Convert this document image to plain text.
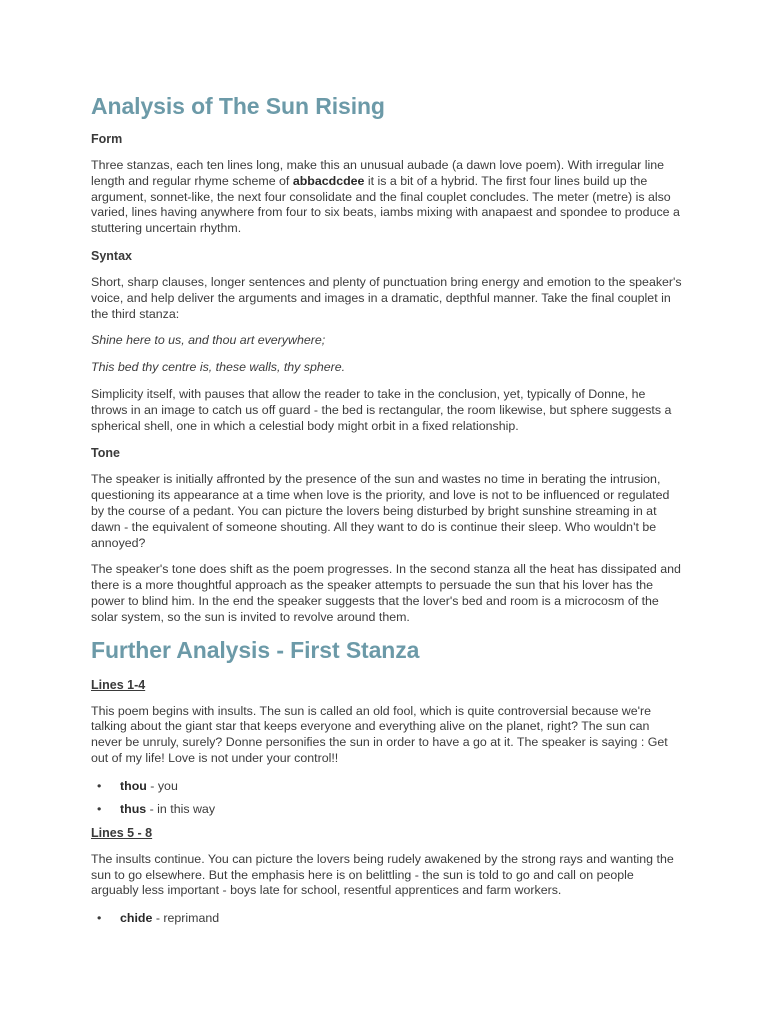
Analysis of The Sun Rising
Form

Three stanzas, each ten lines long, make this an unusual aubade (a dawn love poem). With irregular line length and regular rhyme scheme of abbacdcdee it is a bit of a hybrid. The first four lines build up the argument, sonnet-like, the next four consolidate and the final couplet concludes. The meter (metre) is also varied, lines having anywhere from four to six beats, iambs mixing with anapaest and spondee to produce a stuttering uncertain rhythm.

Syntax

Short, sharp clauses, longer sentences and plenty of punctuation bring energy and emotion to the speaker's voice, and help deliver the arguments and images in a dramatic, depthful manner. Take the final couplet in the third stanza:

Shine here to us, and thou art everywhere;

This bed thy centre is, these walls, thy sphere.

Simplicity itself, with pauses that allow the reader to take in the conclusion, yet, typically of Donne, he throws in an image to catch us off guard - the bed is rectangular, the room likewise, but sphere suggests a spherical shell, one in which a celestial body might orbit in a fixed relationship.

Tone

The speaker is initially affronted by the presence of the sun and wastes no time in berating the intrusion, questioning its appearance at a time when love is the priority, and love is not to be influenced or regulated by the course of a pedant. You can picture the lovers being disturbed by bright sunshine streaming in at dawn - the equivalent of someone shouting. All they want to do is continue their sleep. Who wouldn't be annoyed?

The speaker's tone does shift as the poem progresses. In the second stanza all the heat has dissipated and there is a more thoughtful approach as the speaker attempts to persuade the sun that his lover has the power to blind him. In the end the speaker suggests that the lover's bed and room is a microcosm of the solar system, so the sun is invited to revolve around them.

Further Analysis - First Stanza
Lines 1-4

This poem begins with insults. The sun is called an old fool, which is quite controversial because we're talking about the giant star that keeps everyone and everything alive on the planet, right? The sun can never be unruly, surely? Donne personifies the sun in order to have a go at it. The speaker is saying : Get out of my life! Love is not under your control!!

• thou - you
• thus - in this way
Lines 5 - 8

The insults continue. You can picture the lovers being rudely awakened by the strong rays and wanting the sun to go elsewhere. But the emphasis here is on belittling - the sun is told to go and call on people arguably less important - boys late for school, resentful apprentices and farm workers.

• chide - reprimand
